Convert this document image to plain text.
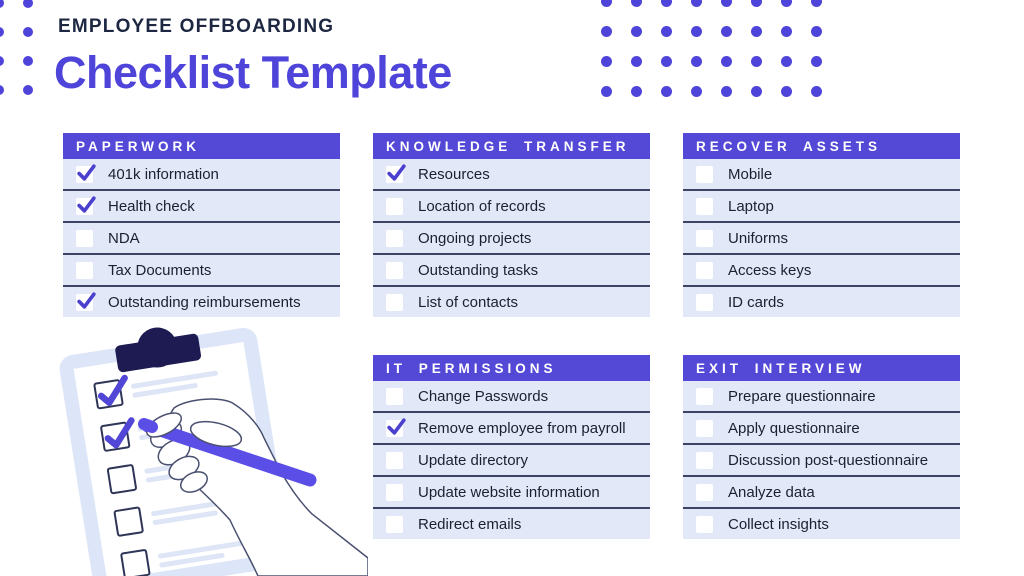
EMPLOYEE OFFBOARDING
Checklist Template
PAPERWORK
401k information
Health check
NDA
Tax Documents
Outstanding reimbursements
KNOWLEDGE TRANSFER
Resources
Location of records
Ongoing projects
Outstanding tasks
List of contacts
RECOVER ASSETS
Mobile
Laptop
Uniforms
Access keys
ID cards
IT PERMISSIONS
Change Passwords
Remove employee from payroll
Update directory
Update website information
Redirect emails
EXIT INTERVIEW
Prepare questionnaire
Apply questionnaire
Discussion post-questionnaire
Analyze data
Collect insights
